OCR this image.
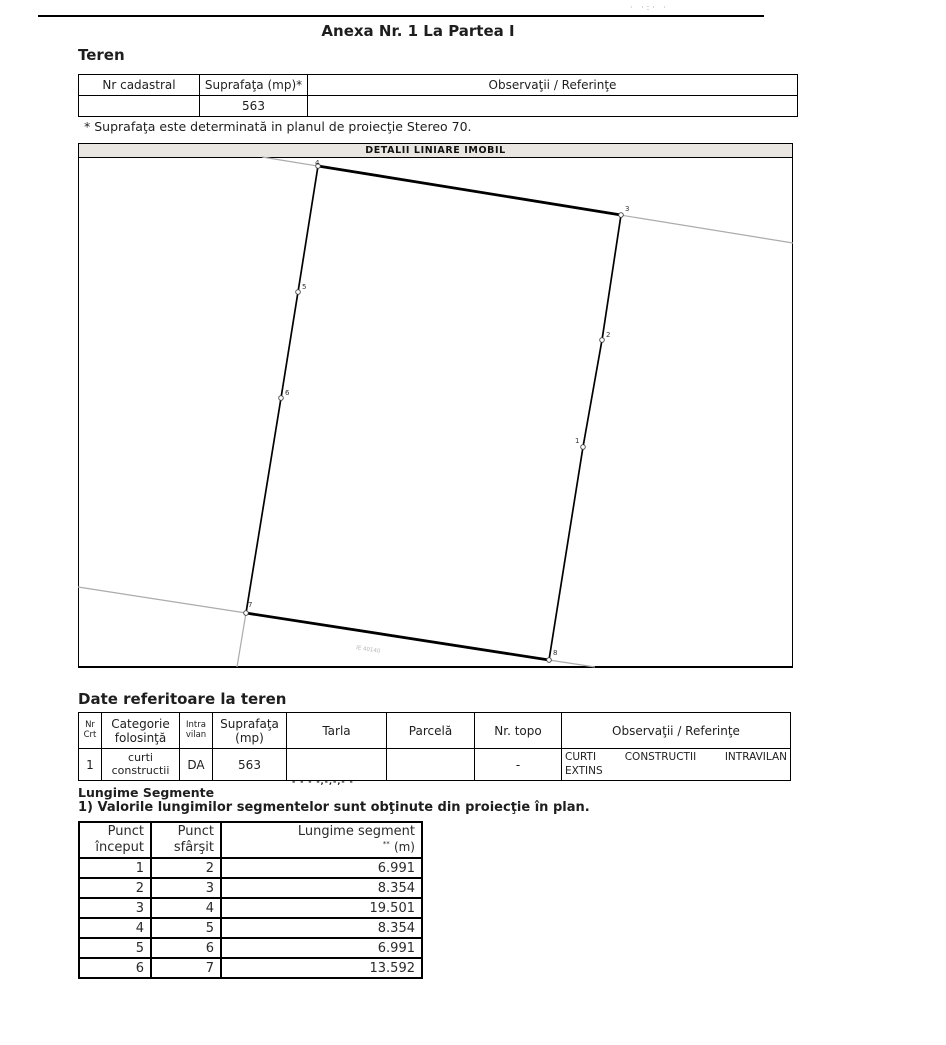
· ·:· ·
Anexa Nr. 1 La Partea I
Teren
Nr cadastral	Suprafaţa (mp)*	Observaţii / Referinţe
	563	
* Suprafaţa este determinată in planul de proiecţie Stereo 70.
DETALII LINIARE IMOBIL
1
2
3
4
5
6
7
8
IE 40140
Date referitoare la teren
Nr Crt	Categorie folosinţă	Intra vilan	Suprafaţa (mp)	Tarla	Parcelă	Nr. topo	Observaţii / Referinţe
1	curti constructii	DA	563	- - - -,-,-,- -		-	CURTI CONSTRUCTII INTRAVILAN
EXTINS
Lungime Segmente
1) Valorile lungimilor segmentelor sunt obţinute din proiecţie în plan.
Punct început	Punct sfârşit	Lungime segment
** (m)

1	2	6.991
2	3	8.354
3	4	19.501
4	5	8.354
5	6	6.991
6	7	13.592
